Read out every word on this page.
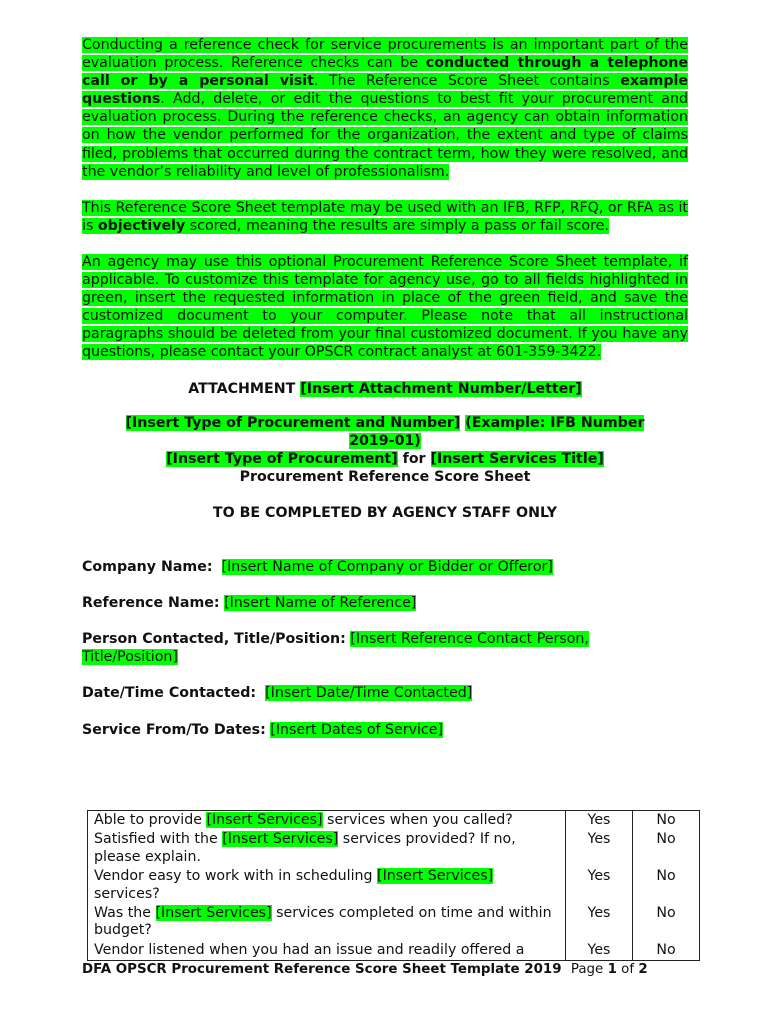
Conducting a reference check for service procurements is an important part of the evaluation process. Reference checks can be conducted through a telephone call or by a personal visit. The Reference Score Sheet contains example questions. Add, delete, or edit the questions to best fit your procurement and evaluation process. During the reference checks, an agency can obtain information on how the vendor performed for the organization, the extent and type of claims filed, problems that occurred during the contract term, how they were resolved, and the vendor’s reliability and level of professionalism.

This Reference Score Sheet template may be used with an IFB, RFP, RFQ, or RFA as it is objectively scored, meaning the results are simply a pass or fail score.

An agency may use this optional Procurement Reference Score Sheet template, if applicable. To customize this template for agency use, go to all fields highlighted in green, insert the requested information in place of the green field, and save the customized document to your computer. Please note that all instructional paragraphs should be deleted from your final customized document. If you have any questions, please contact your OPSCR contract analyst at 601-359-3422.

ATTACHMENT [Insert Attachment Number/Letter]

[Insert Type of Procurement and Number] (Example: IFB Number 2019-01)
[Insert Type of Procurement] for [Insert Services Title]
Procurement Reference Score Sheet

TO BE COMPLETED BY AGENCY STAFF ONLY

Company Name: [Insert Name of Company or Bidder or Offeror]

Reference Name: [Insert Name of Reference]

Person Contacted, Title/Position: [Insert Reference Contact Person, Title/Position]

Date/Time Contacted: [Insert Date/Time Contacted]

Service From/To Dates: [Insert Dates of Service]

Able to provide [Insert Services] services when you called?	Yes	No
Satisfied with the [Insert Services] services provided? If no, please explain.	Yes	No
Vendor easy to work with in scheduling [Insert Services] services?	Yes	No
Was the [Insert Services] services completed on time and within budget?	Yes	No
Vendor listened when you had an issue and readily offered a	Yes	No
DFA OPSCR Procurement Reference Score Sheet Template 2019 Page 1 of 2
